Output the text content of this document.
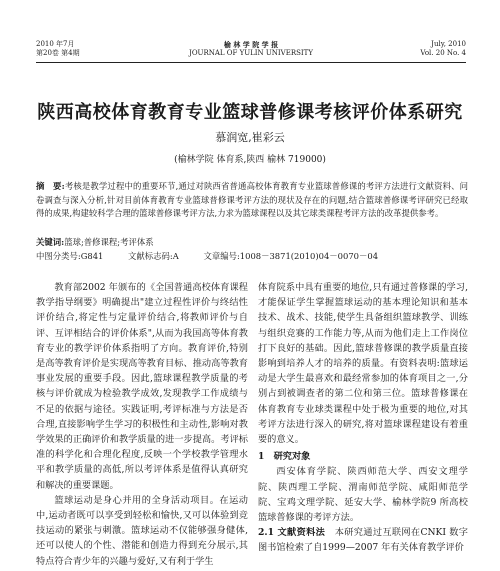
2010 年7月
第20卷 第4期
榆 林 学 院 学 报
JOURNAL OF YULIN UNIVERSITY
July, 2010
Vol. 20 No. 4
陕西高校体育教育专业篮球普修课考核评价体系研究
慕润宽,崔彩云
(榆林学院 体育系,陕西 榆林 719000)
摘　要:考核是教学过程中的重要环节,通过对陕西省普通高校体育教育专业篮球普修课的考评方法进行文献资料、问卷调查与深入分析,针对目前体育教育专业篮球普修课考评方法的现状及存在的问题,结合篮球普修课考评研究已经取得的成果,构建较科学合理的篮球普修课考评方法,力求为篮球课程以及其它球类课程考评方法的改革提供参考。
关键词:篮球;普修课程;考评体系
中图分类号:G841	文献标志码:A	文章编号:1008－3871(2010)04－0070－04

教育部2002 年颁布的《全国普通高校体育课程教学指导纲要》明确提出"建立过程性评价与终结性评价结合,将定性与定量评价结合,将教师评价与自评、互评相结合的评价体系",从而为我国高等体育教育专业的教学评价体系指明了方向。教育评价,特别是高等教育评价是实现高等教育目标、推动高等教育事业发展的重要手段。因此,篮球课程教学质量的考核与评价就成为检验教学成效,发现教学工作成绩与不足的依据与途径。实践证明,考评标准与方法是否合理,直接影响学生学习的积极性和主动性,影响对教学效果的正确评价和教学质量的进一步提高。考评标准的科学化和合理化程度,反映一个学校教学管理水平和教学质量的高低,所以考评体系是值得认真研究和解决的重要课题。

篮球运动是身心并用的全身活动项目。在运动中,运动者既可以享受到轻松和愉快,又可以体验到竞技运动的紧张与刺激。篮球运动不仅能够强身健体,还可以使人的个性、潜能和创造力得到充分展示,其特点符合青少年的兴趣与爱好,又有利于学生

体育院系中具有重要的地位,只有通过普修课的学习,才能保证学生掌握篮球运动的基本理论知识和基本技术、战术、技能,使学生具备组织篮球教学、训练与组织竞赛的工作能力等,从而为他们走上工作岗位打下良好的基础。因此,篮球普修课的教学质量直接影响到培养人才的培养的质量。有资料表明:篮球运动是大学生最喜欢和最经常参加的体育项目之一,分别占到被调查者的第二位和第三位。篮球普修课在体育教育专业球类课程中处于极为重要的地位,对其考评方法进行深入的研究,将对篮球课程建设有着重要的意义。

1　研究对象

西安体育学院、陕西师范大学、西安文理学院、陕西理工学院、渭南师范学院、咸阳师范学院、宝鸡文理学院、延安大学、榆林学院9 所高校篮球普修课的考评方法。

2.1 文献资料法　 本研究通过互联网在CNKI 数字图书馆检索了自1999—2007 年有关体育教学评价
